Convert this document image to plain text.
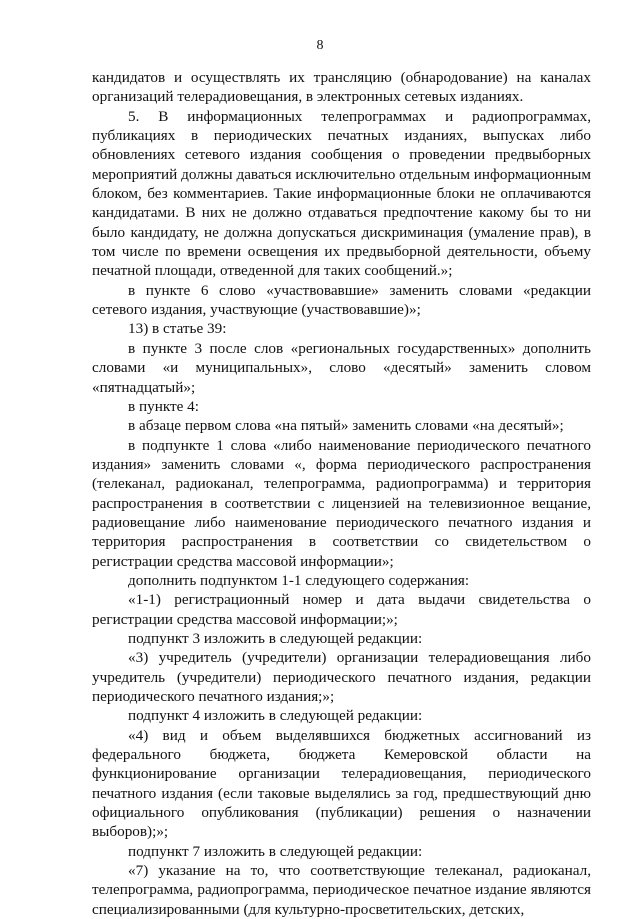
8

кандидатов и осуществлять их трансляцию (обнародование) на каналах организаций телерадиовещания, в электронных сетевых изданиях.

5. В информационных телепрограммах и радиопрограммах, публикациях в периодических печатных изданиях, выпусках либо обновлениях сетевого издания сообщения о проведении предвыборных мероприятий должны даваться исключительно отдельным информационным блоком, без комментариев. Такие информационные блоки не оплачиваются кандидатами. В них не должно отдаваться предпочтение какому бы то ни было кандидату, не должна допускаться дискриминация (умаление прав), в том числе по времени освещения их предвыборной деятельности, объему печатной площади, отведенной для таких сообщений.»;

в пункте 6 слово «участвовавшие» заменить словами «редакции сетевого издания, участвующие (участвовавшие)»;

13) в статье 39:

в пункте 3 после слов «региональных государственных» дополнить словами «и муниципальных», слово «десятый» заменить словом «пятнадцатый»;

в пункте 4:

в абзаце первом слова «на пятый» заменить словами «на десятый»;

в подпункте 1 слова «либо наименование периодического печатного издания» заменить словами «, форма периодического распространения (телеканал, радиоканал, телепрограмма, радиопрограмма) и территория распространения в соответствии с лицензией на телевизионное вещание, радиовещание либо наименование периодического печатного издания и территория распространения в соответствии со свидетельством о регистрации средства массовой информации»;

дополнить подпунктом 1-1 следующего содержания:

«1-1) регистрационный номер и дата выдачи свидетельства о регистрации средства массовой информации;»;

подпункт 3 изложить в следующей редакции:

«3) учредитель (учредители) организации телерадиовещания либо учредитель (учредители) периодического печатного издания, редакции периодического печатного издания;»;

подпункт 4 изложить в следующей редакции:

«4) вид и объем выделявшихся бюджетных ассигнований из федерального бюджета, бюджета Кемеровской области на функционирование организации телерадиовещания, периодического печатного издания (если таковые выделялись за год, предшествующий дню официального опубликования (публикации) решения о назначении выборов);»;

подпункт 7 изложить в следующей редакции:

«7) указание на то, что соответствующие телеканал, радиоканал, телепрограмма, радиопрограмма, периодическое печатное издание являются специализированными (для культурно-просветительских, детских,
